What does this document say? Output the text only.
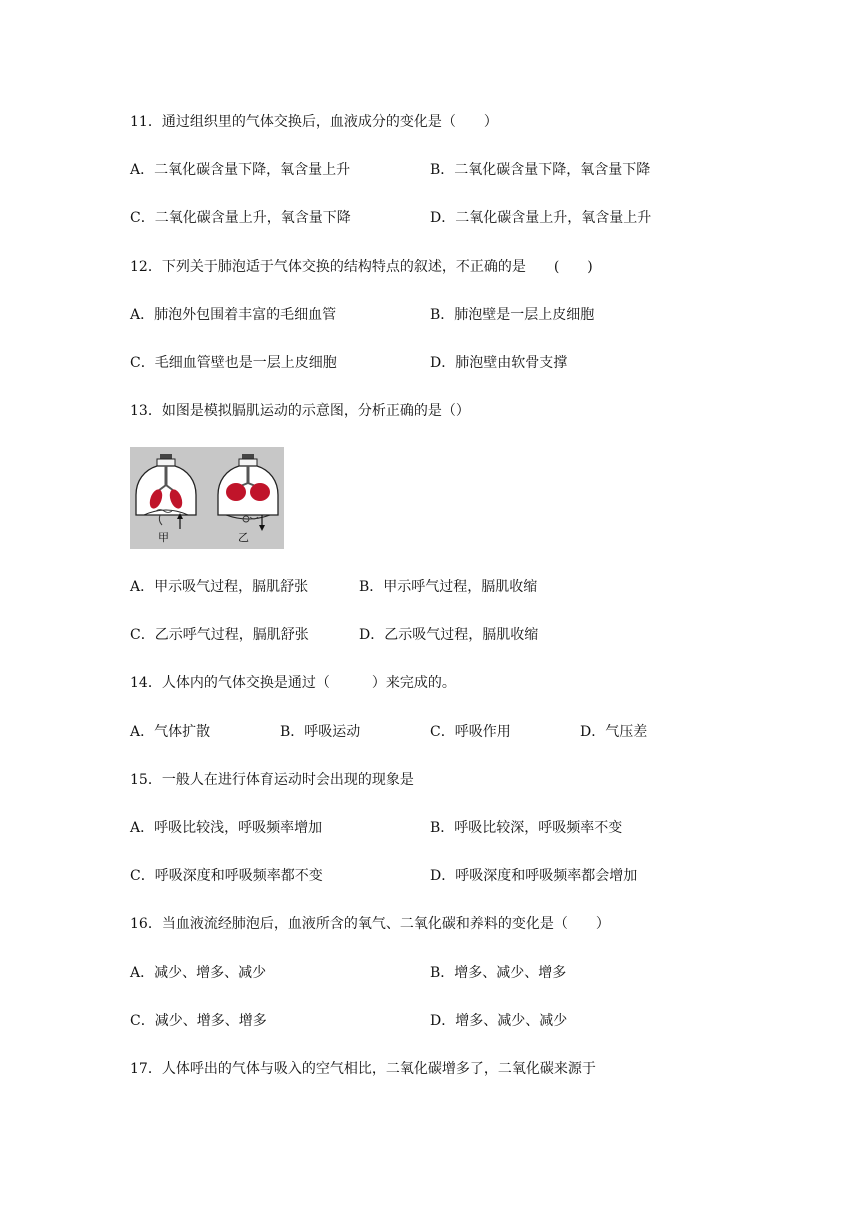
11．通过组织里的气体交换后，血液成分的变化是（　　）
A．二氧化碳含量下降，氧含量上升	B．二氧化碳含量下降，氧含量下降
C．二氧化碳含量上升，氧含量下降	D．二氧化碳含量上升，氧含量上升
12．下列关于肺泡适于气体交换的结构特点的叙述，不正确的是　　(　　)
A．肺泡外包围着丰富的毛细血管	B．肺泡壁是一层上皮细胞
C．毛细血管壁也是一层上皮细胞	D．肺泡壁由软骨支撑
13．如图是模拟膈肌运动的示意图，分析正确的是（）
甲	乙
A．甲示吸气过程，膈肌舒张	B．甲示呼气过程，膈肌收缩
C．乙示呼气过程，膈肌舒张	D．乙示吸气过程，膈肌收缩
14．人体内的气体交换是通过（　　　）来完成的。
A．气体扩散	B．呼吸运动	C．呼吸作用	D．气压差
15．一般人在进行体育运动时会出现的现象是
A．呼吸比较浅，呼吸频率增加	B．呼吸比较深，呼吸频率不变
C．呼吸深度和呼吸频率都不变	D．呼吸深度和呼吸频率都会增加
16．当血液流经肺泡后，血液所含的氧气、二氧化碳和养料的变化是（　　）
A．减少、增多、减少	B．增多、减少、增多
C．减少、增多、增多	D．增多、减少、减少
17．人体呼出的气体与吸入的空气相比，二氧化碳增多了，二氧化碳来源于
